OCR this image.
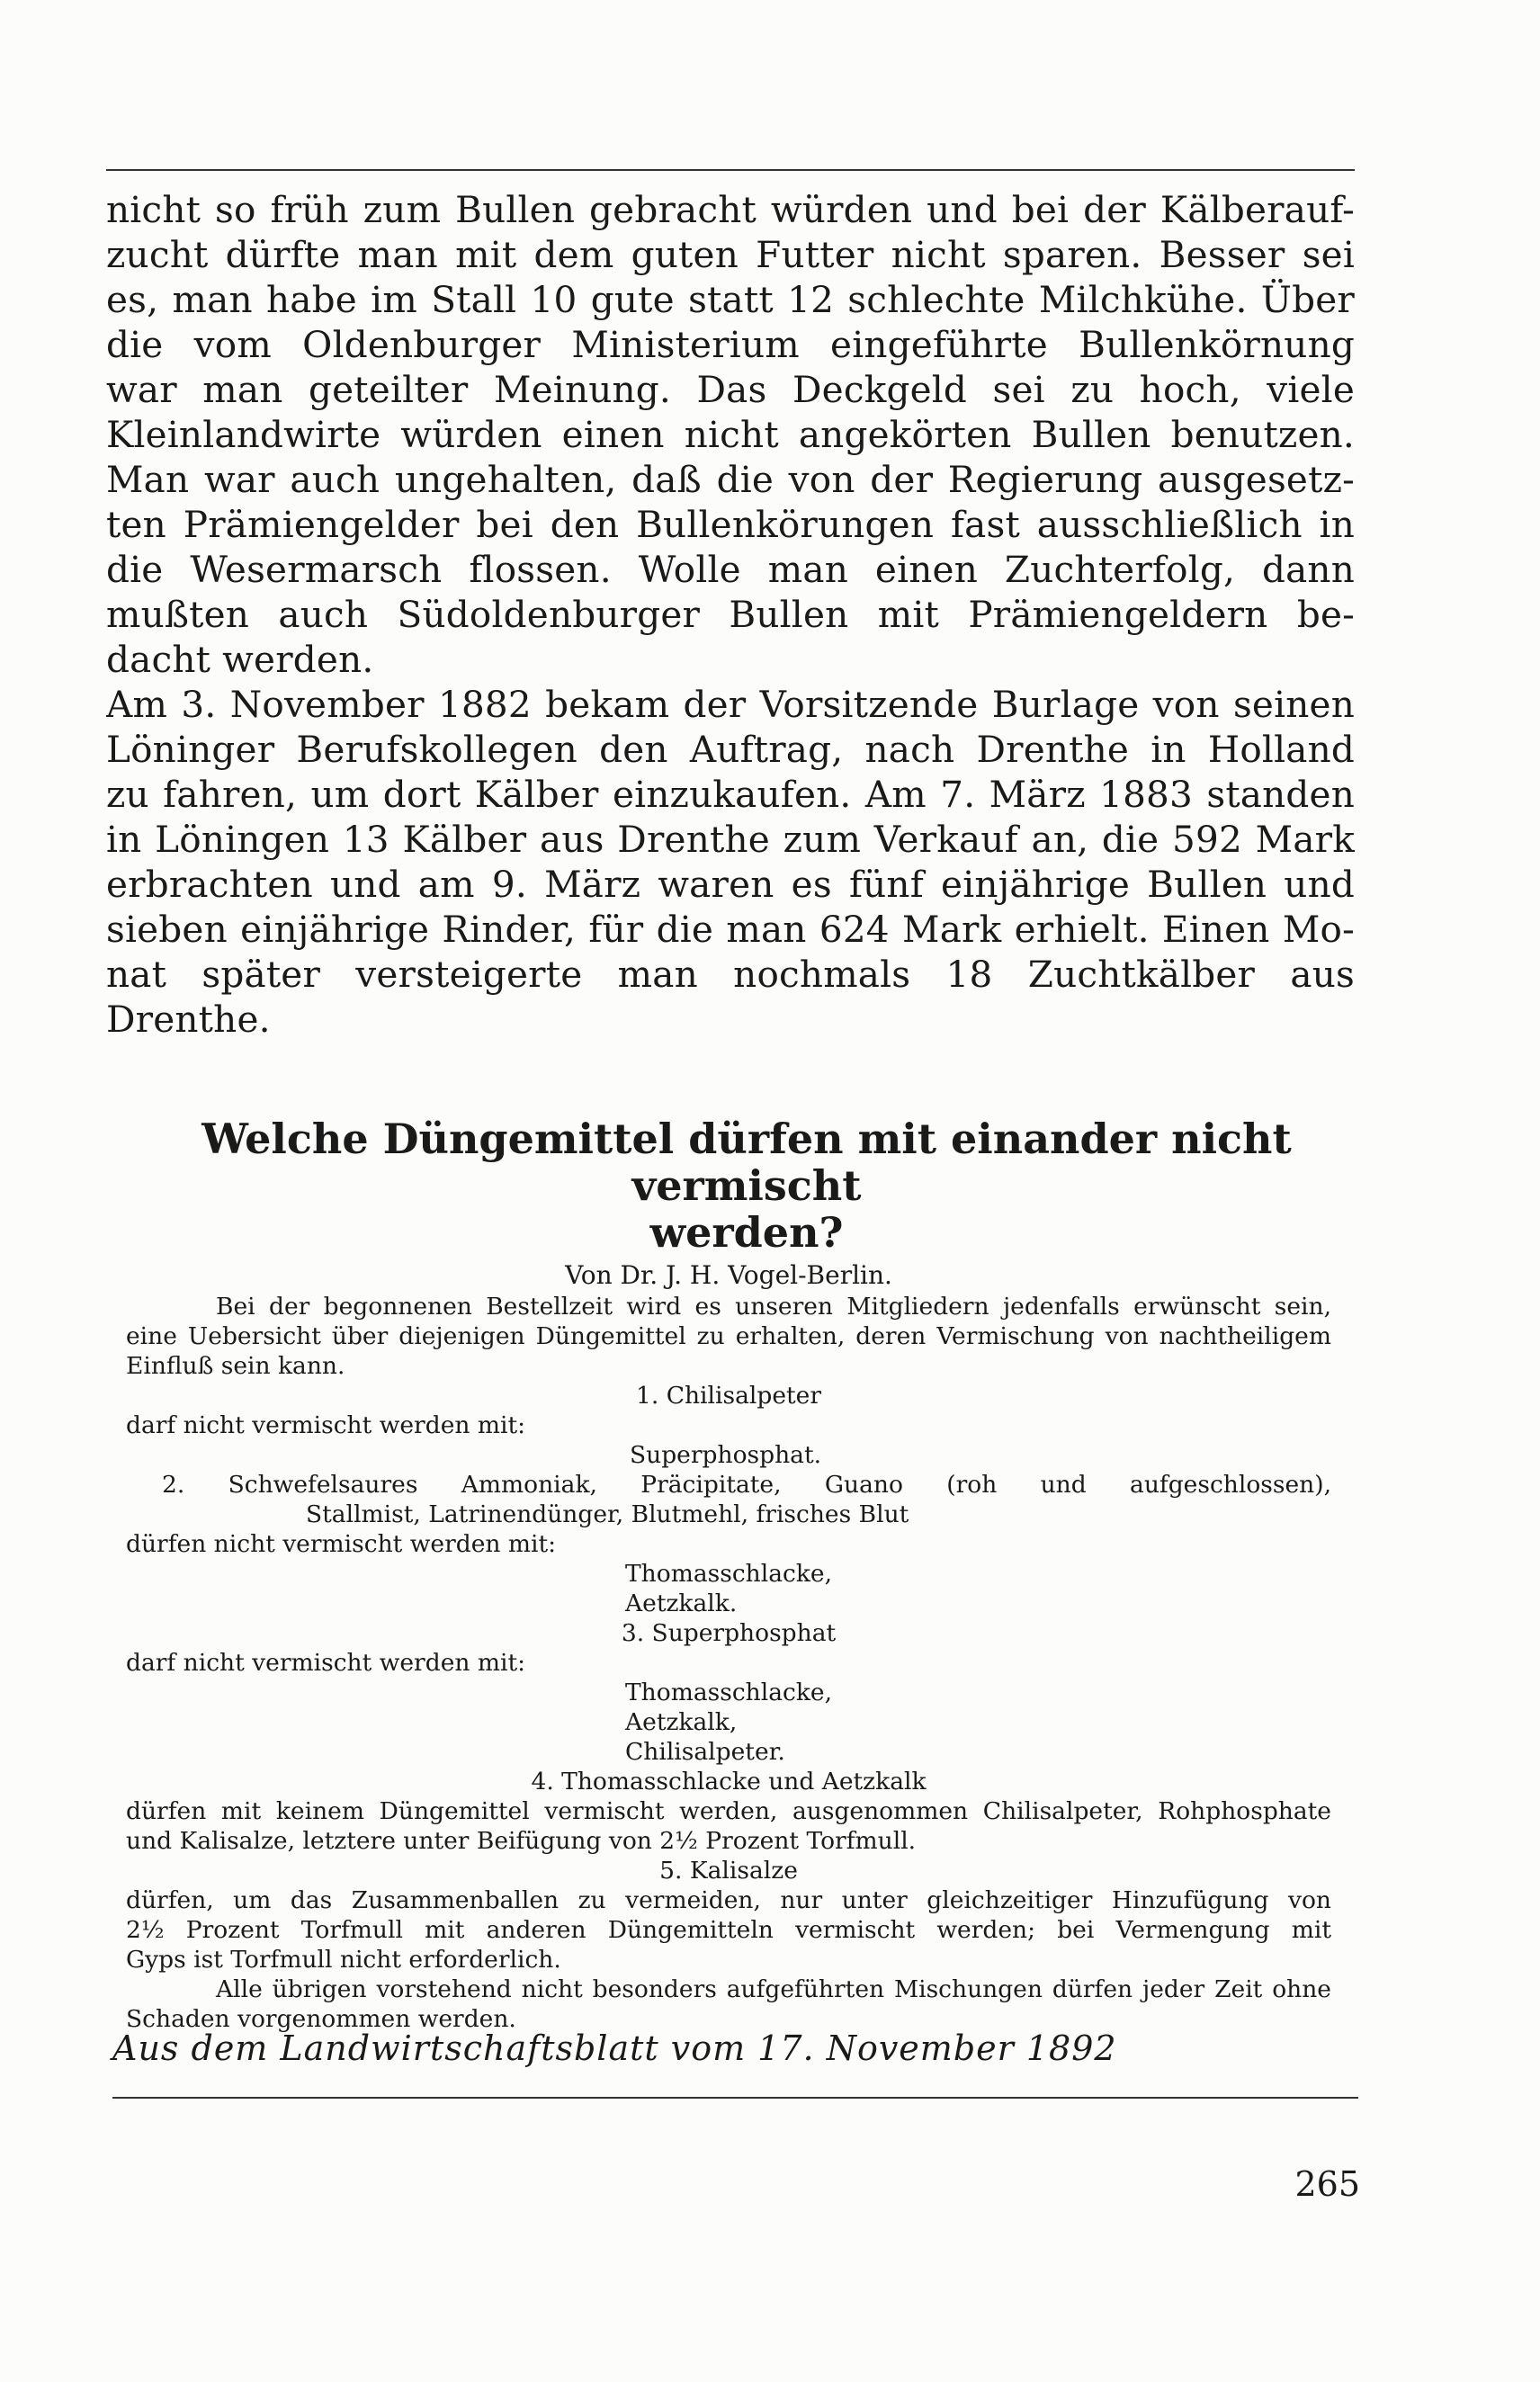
nicht so früh zum Bullen gebracht würden und bei der Kälberauf-
zucht dürfte man mit dem guten Futter nicht sparen. Besser sei
es, man habe im Stall 10 gute statt 12 schlechte Milchkühe. Über
die vom Oldenburger Ministerium eingeführte Bullenkörnung
war man geteilter Meinung. Das Deckgeld sei zu hoch, viele
Kleinlandwirte würden einen nicht angekörten Bullen benutzen.
Man war auch ungehalten, daß die von der Regierung ausgesetz-
ten Prämiengelder bei den Bullenkörungen fast ausschließlich in
die Wesermarsch flossen. Wolle man einen Zuchterfolg, dann
mußten auch Südoldenburger Bullen mit Prämiengeldern be-
dacht werden.
Am 3. November 1882 bekam der Vorsitzende Burlage von seinen
Löninger Berufskollegen den Auftrag, nach Drenthe in Holland
zu fahren, um dort Kälber einzukaufen. Am 7. März 1883 standen
in Löningen 13 Kälber aus Drenthe zum Verkauf an, die 592 Mark
erbrachten und am 9. März waren es fünf einjährige Bullen und
sieben einjährige Rinder, für die man 624 Mark erhielt. Einen Mo-
nat später versteigerte man nochmals 18 Zuchtkälber aus
Drenthe.
Welche Düngemittel dürfen mit einander nicht vermischt
werden?
Von Dr. J. H. Vogel-Berlin.
Bei der begonnenen Bestellzeit wird es unseren Mitgliedern jedenfalls erwünscht sein,
eine Uebersicht über diejenigen Düngemittel zu erhalten, deren Vermischung von nachtheiligem
Einfluß sein kann.
1. Chilisalpeter
darf nicht vermischt werden mit:
Superphosphat.
2. Schwefelsaures Ammoniak, Präcipitate, Guano (roh und aufgeschlossen),
Stallmist, Latrinendünger, Blutmehl, frisches Blut
dürfen nicht vermischt werden mit:
Thomasschlacke,
Aetzkalk.
3. Superphosphat
darf nicht vermischt werden mit:
Thomasschlacke,
Aetzkalk,
Chilisalpeter.
4. Thomasschlacke und Aetzkalk
dürfen mit keinem Düngemittel vermischt werden, ausgenommen Chilisalpeter, Rohphosphate
und Kalisalze, letztere unter Beifügung von 2½ Prozent Torfmull.
5. Kalisalze
dürfen, um das Zusammenballen zu vermeiden, nur unter gleichzeitiger Hinzufügung von
2½ Prozent Torfmull mit anderen Düngemitteln vermischt werden; bei Vermengung mit
Gyps ist Torfmull nicht erforderlich.
Alle übrigen vorstehend nicht besonders aufgeführten Mischungen dürfen jeder Zeit ohne
Schaden vorgenommen werden.
Aus dem Landwirtschaftsblatt vom 17. November 1892
265
